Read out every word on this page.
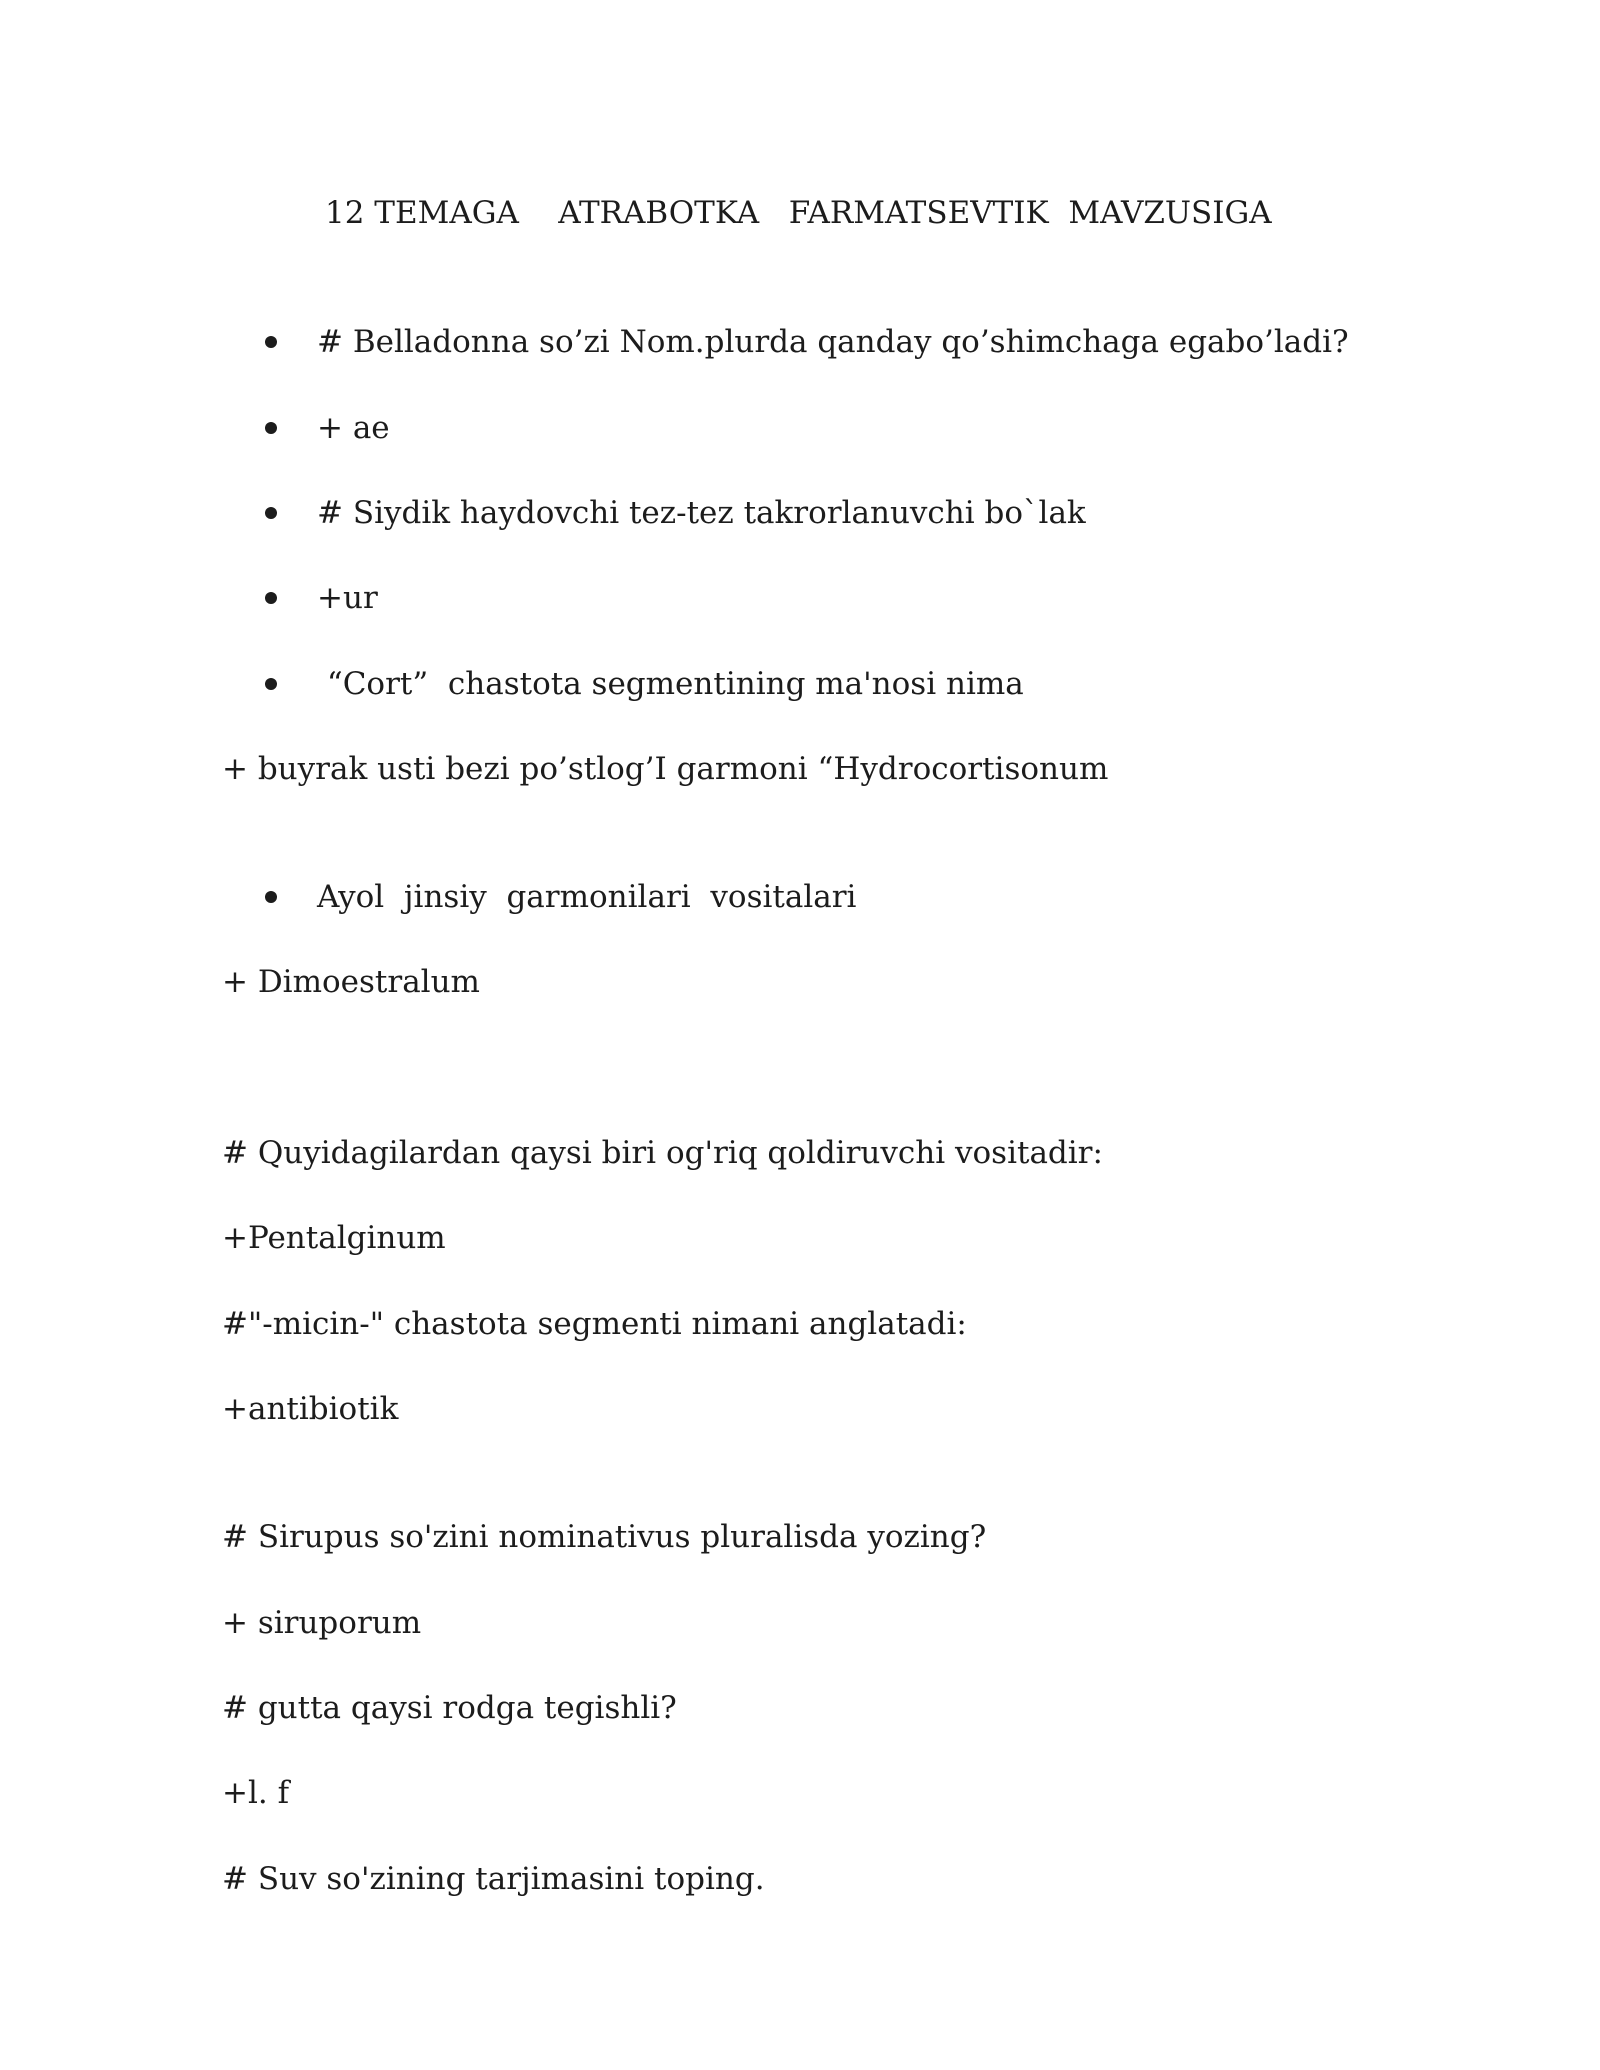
12 TEMAGA    ATRABOTKA   FARMATSEVTIK  MAVZUSIGA

# Belladonna so’zi Nom.plurda qanday qo’shimchaga egabo’ladi?

+ ae

# Siydik haydovchi tez-tez takrorlanuvchi bo`lak

+ur

“Cort”  chastota segmentining ma'nosi nima

+ buyrak usti bezi po’stlog’I garmoni “Hydrocortisonum

Ayol  jinsiy  garmonilari  vositalari

+ Dimoestralum
# Quyidagilardan qaysi biri og'riq qoldiruvchi vositadir:
+Pentalginum
#"-micin-" chastota segmenti nimani anglatadi:
+antibiotik
# Sirupus so'zini nominativus pluralisda yozing?
+ siruporum
# gutta qaysi rodga tegishli?
+l. f
# Suv so'zining tarjimasini toping.
